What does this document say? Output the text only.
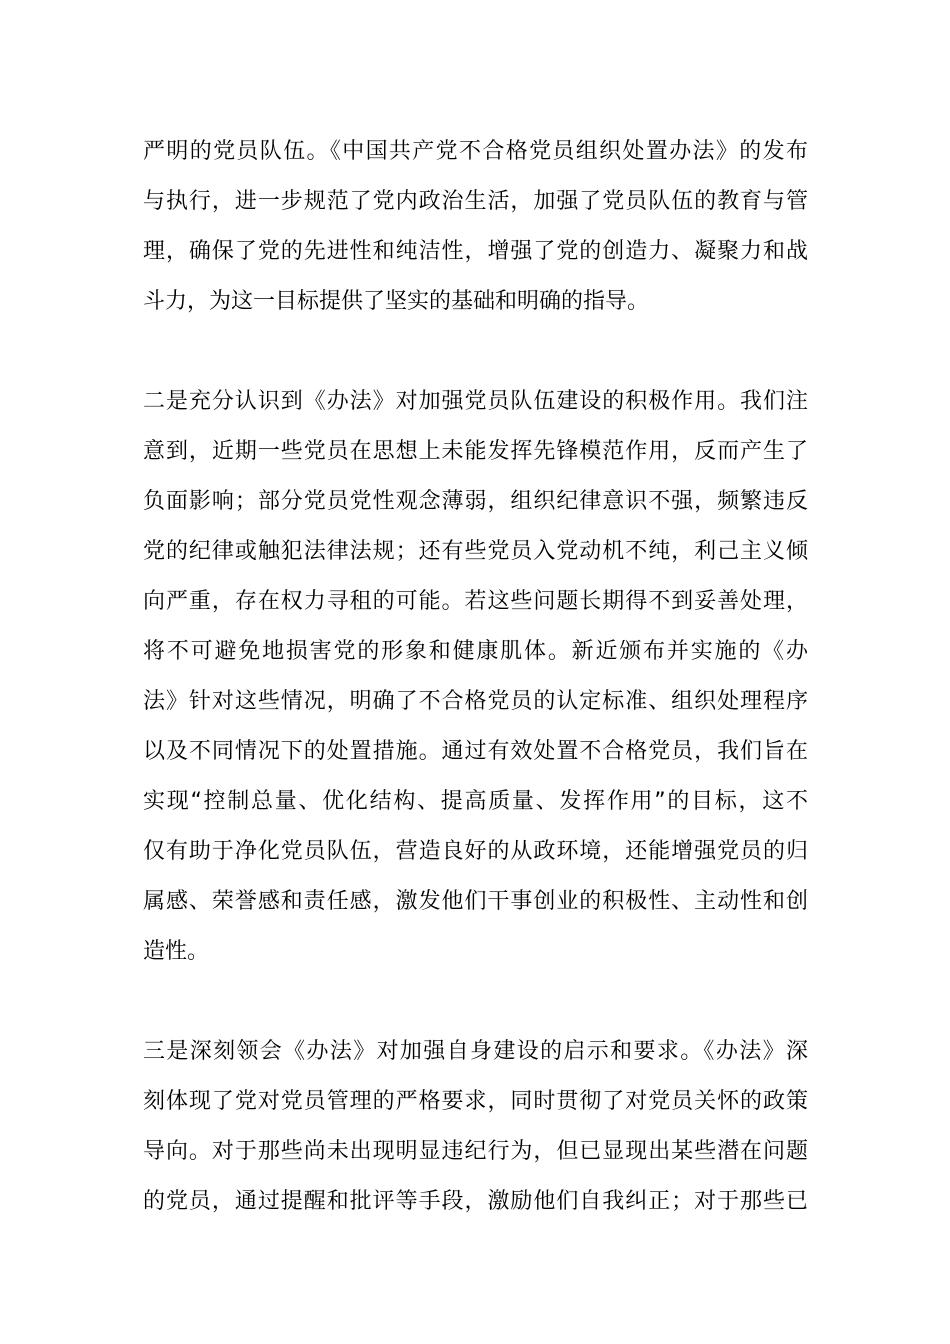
严明的党员队伍。《中国共产党不合格党员组织处置办法》的发布
与执行，进一步规范了党内政治生活，加强了党员队伍的教育与管
理，确保了党的先进性和纯洁性，增强了党的创造力、凝聚力和战
斗力，为这一目标提供了坚实的基础和明确的指导。
二是充分认识到《办法》对加强党员队伍建设的积极作用。我们注
意到，近期一些党员在思想上未能发挥先锋模范作用，反而产生了
负面影响；部分党员党性观念薄弱，组织纪律意识不强，频繁违反
党的纪律或触犯法律法规；还有些党员入党动机不纯，利己主义倾
向严重，存在权力寻租的可能。若这些问题长期得不到妥善处理，
将不可避免地损害党的形象和健康肌体。新近颁布并实施的《办
法》针对这些情况，明确了不合格党员的认定标准、组织处理程序
以及不同情况下的处置措施。通过有效处置不合格党员，我们旨在
实现“控制总量、优化结构、提高质量、发挥作用”的目标，这不
仅有助于净化党员队伍，营造良好的从政环境，还能增强党员的归
属感、荣誉感和责任感，激发他们干事创业的积极性、主动性和创
造性。
三是深刻领会《办法》对加强自身建设的启示和要求。《办法》深
刻体现了党对党员管理的严格要求，同时贯彻了对党员关怀的政策
导向。对于那些尚未出现明显违纪行为，但已显现出某些潜在问题
的党员，通过提醒和批评等手段，激励他们自我纠正；对于那些已
